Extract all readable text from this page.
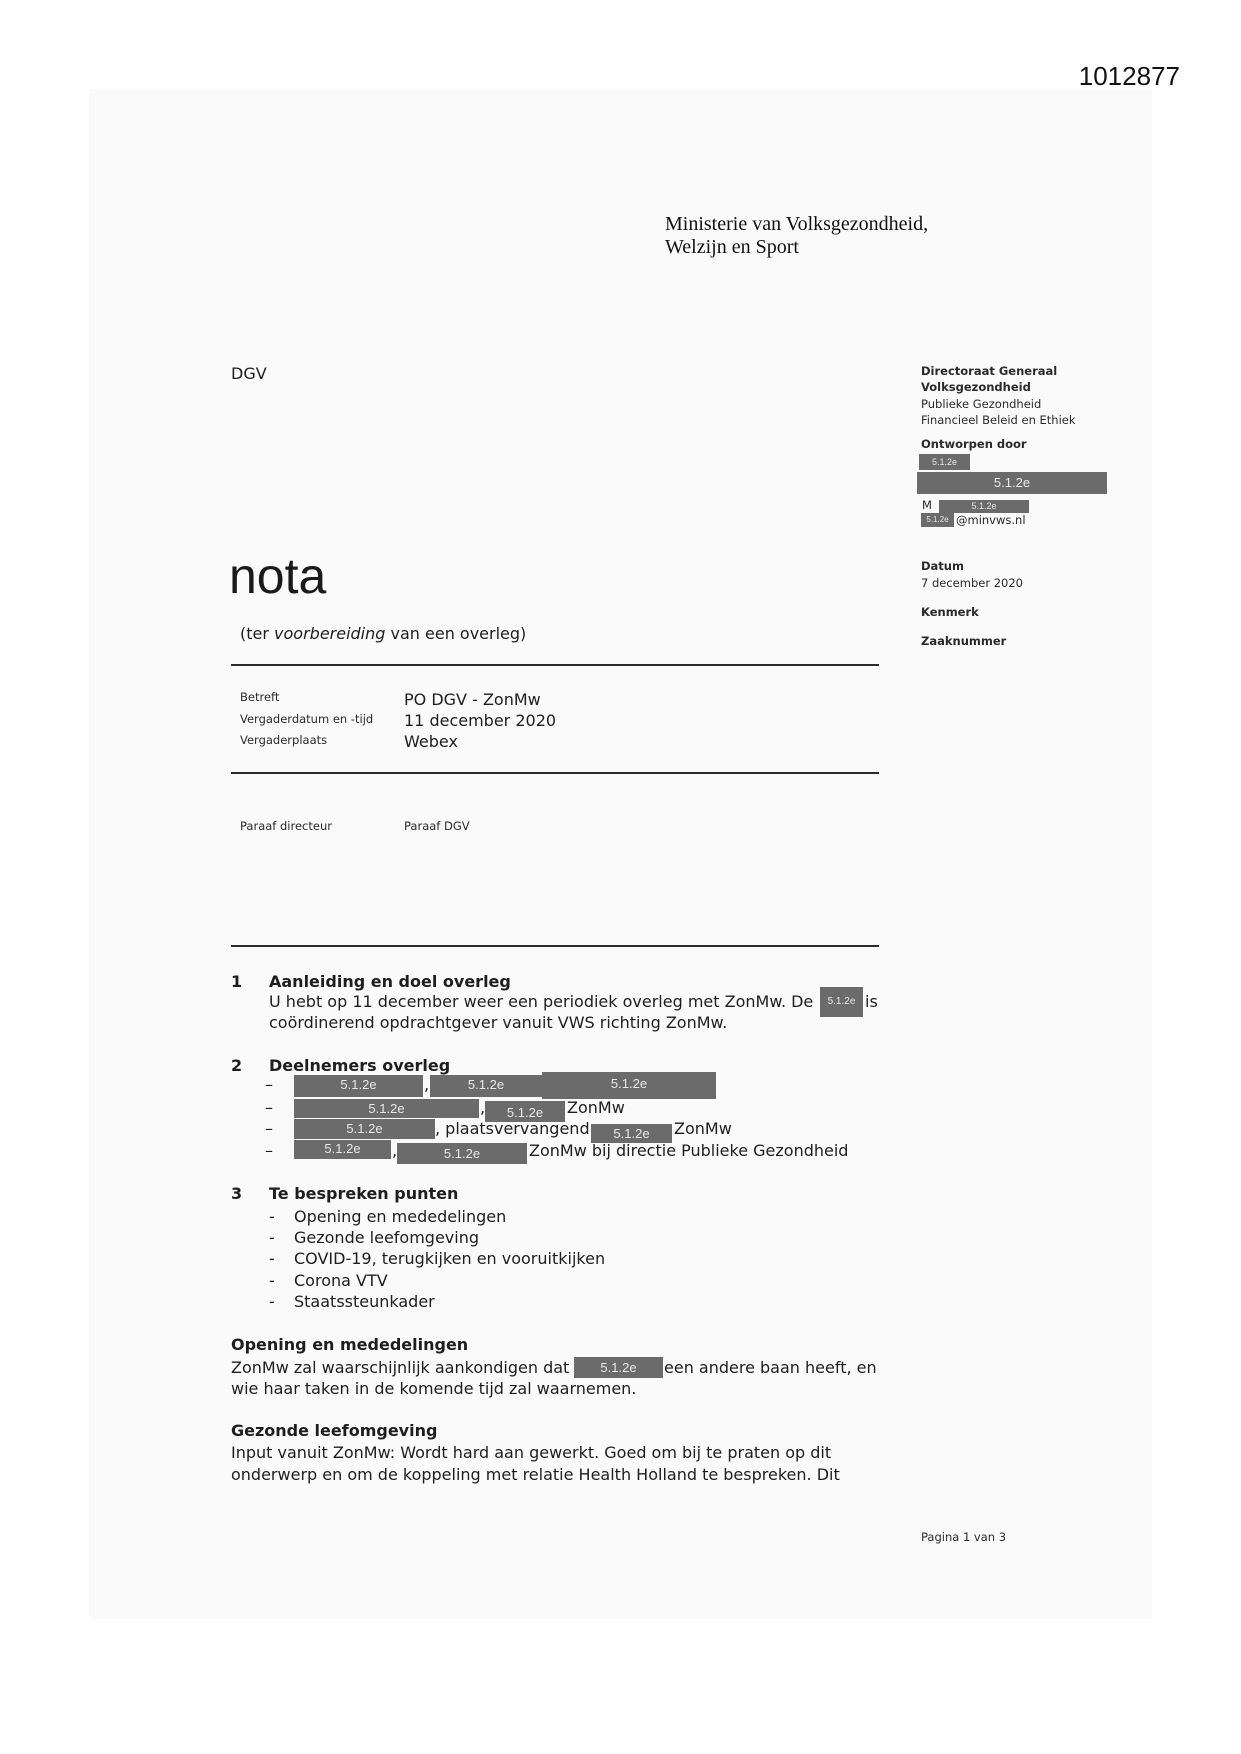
1012877
Ministerie van Volksgezondheid,
Welzijn en Sport
DGV	Directoraat Generaal
Volksgezondheid
Publieke Gezondheid
Financieel Beleid en Ethiek
Ontworpen door
5.1.2e
5.1.2e
M	5.1.2e
5.1.2e @minvws.nl
Datum
7 december 2020
Kenmerk
Zaaknummer
nota
(ter voorbereiding van een overleg)
Betreft	PO DGV - ZonMw
Vergaderdatum en -tijd 11 december 2020
Vergaderplaats	Webex
Paraaf directeur	Paraaf DGV
1 Aanleiding en doel overleg
U hebt op 11 december weer een periodiek overleg met ZonMw. De	5.1.2e is
coördinerend opdrachtgever vanuit VWS richting ZonMw.
2 Deelnemers overleg
–	5.1.2e	,	5.1.2e	5.1.2e
–	5.1.2e	,	5.1.2e	ZonMw
–	5.1.2e	, plaatsvervangend	5.1.2e	ZonMw
–	5.1.2e	,	5.1.2e	ZonMw bij directie Publieke Gezondheid
3 Te bespreken punten
- Opening en mededelingen
- Gezonde leefomgeving
- COVID-19, terugkijken en vooruitkijken
- Corona VTV
- Staatssteunkader
Opening en mededelingen
ZonMw zal waarschijnlijk aankondigen dat	5.1.2e	een andere baan heeft, en
wie haar taken in de komende tijd zal waarnemen.
Gezonde leefomgeving
Input vanuit ZonMw: Wordt hard aan gewerkt. Goed om bij te praten op dit
onderwerp en om de koppeling met relatie Health Holland te bespreken. Dit
Pagina 1 van 3
